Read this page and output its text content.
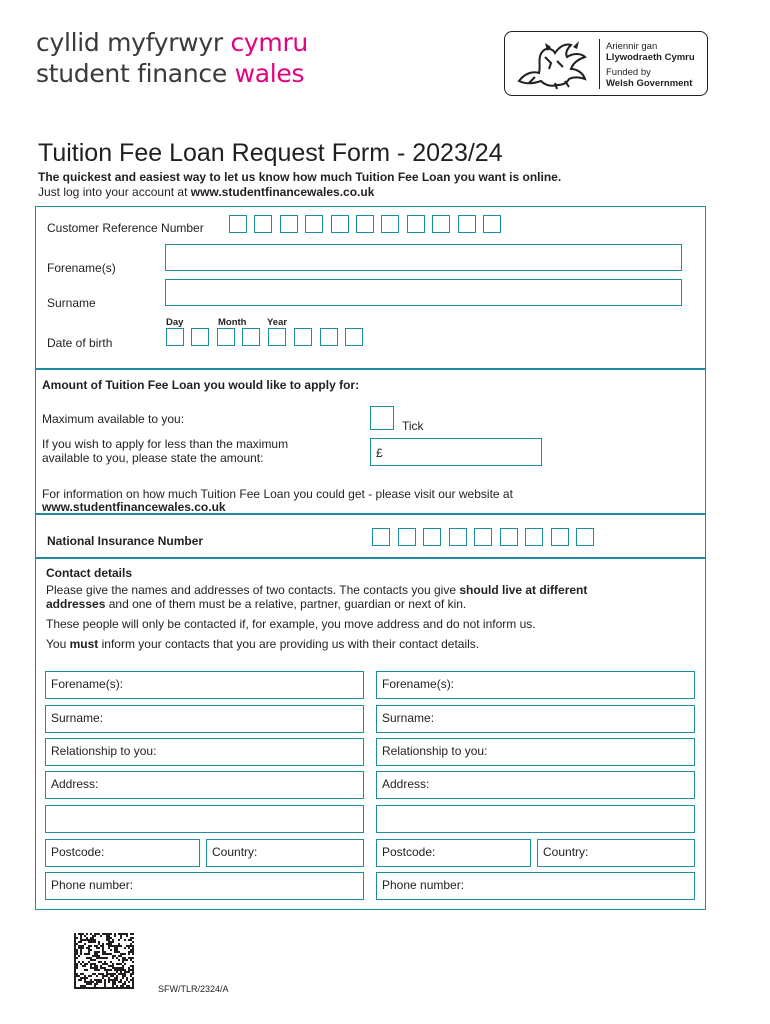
cyllid myfyrwyr cymru
student finance wales
Ariennir gan
Llywodraeth Cymru
Funded by
Welsh Government
Tuition Fee Loan Request Form - 2023/24
The quickest and easiest way to let us know how much Tuition Fee Loan you want is online.
Just log into your account at www.studentfinancewales.co.uk
Customer Reference Number
Forename(s)
Surname
Day	Month Year
Date of birth
Amount of Tuition Fee Loan you would like to apply for:
Maximum available to you:	Tick
If you wish to apply for less than the maximum
available to you, please state the amount:	£
For information on how much Tuition Fee Loan you could get - please visit our website at
www.studentfinancewales.co.uk
National Insurance Number
Contact details
Please give the names and addresses of two contacts. The contacts you give should live at different
addresses and one of them must be a relative, partner, guardian or next of kin.
These people will only be contacted if, for example, you move address and do not inform us.
You must inform your contacts that you are providing us with their contact details.
Forename(s):
Surname:
Relationship to you:
Address:
Postcode:	Country:
Phone number:
Forename(s):
Surname:
Relationship to you:
Address:
Postcode:	Country:
Phone number:
SFW/TLR/2324/A
